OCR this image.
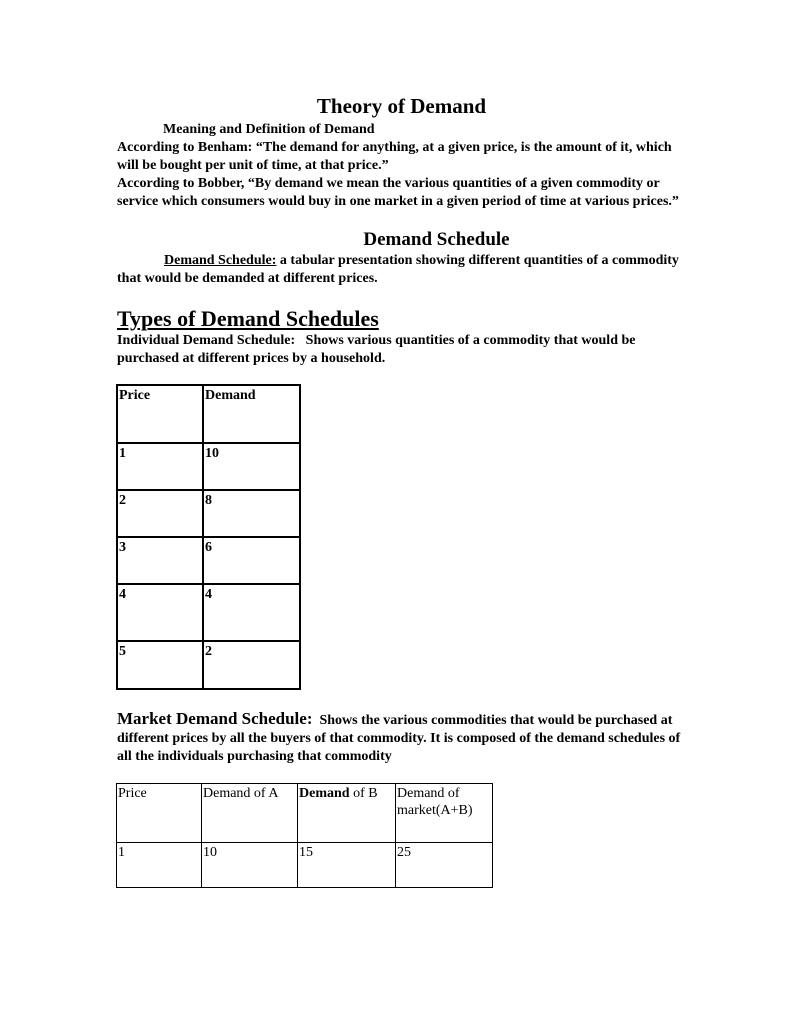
Theory of Demand
Meaning and Definition of Demand
According to Benham: “The demand for anything, at a given price, is the amount of it, which will be bought per unit of time, at that price.”
According to Bobber, “By demand we mean the various quantities of a given commodity or service which consumers would buy in one market in a given period of time at various prices.”
Demand Schedule
Demand Schedule: a tabular presentation showing different quantities of a commodity that would be demanded at different prices.
Types of Demand Schedules
Individual Demand Schedule: Shows various quantities of a commodity that would be purchased at different prices by a household.
Price	Demand
1	10
2	8
3	6
4	4
5	2
Market Demand Schedule: Shows the various commodities that would be purchased at different prices by all the buyers of that commodity. It is composed of the demand schedules of all the individuals purchasing that commodity
Price	Demand of A	Demand of B	Demand of market(A+B)
1	10	15	25
